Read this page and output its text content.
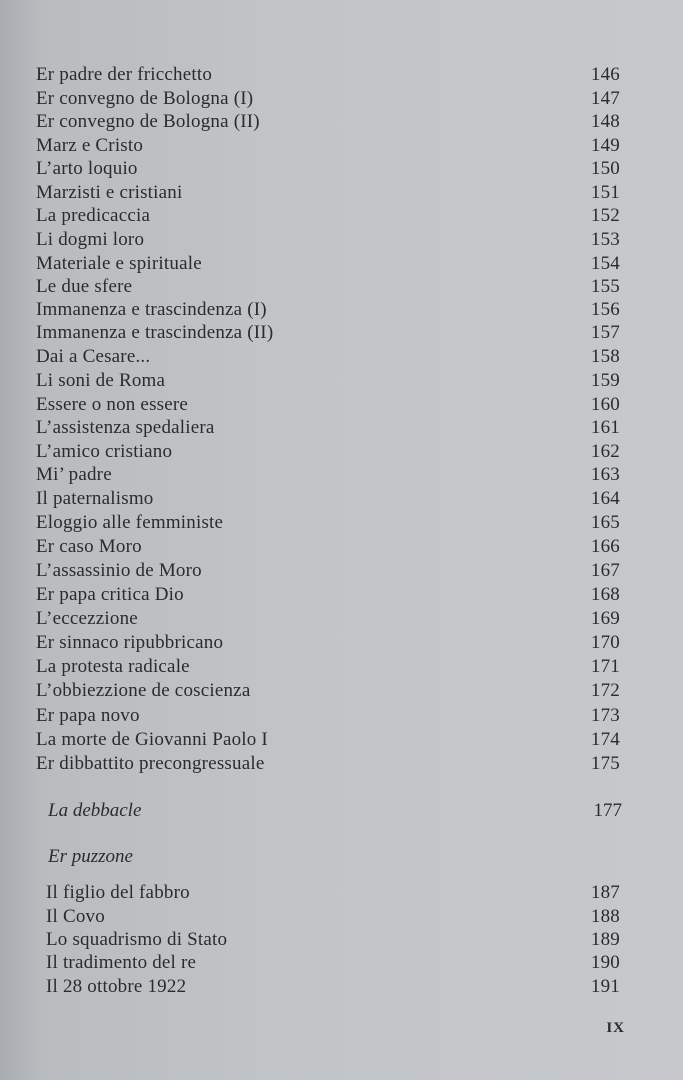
Er padre der fricchetto	146
Er convegno de Bologna (I)	147
Er convegno de Bologna (II)	148
Marz e Cristo	149
L’arto loquio	150
Marzisti e cristiani	151
La predicaccia	152
Li dogmi loro	153
Materiale e spirituale	154
Le due sfere	155
Immanenza e trascindenza (I)	156
Immanenza e trascindenza (II)	157
Dai a Cesare...	158
Li soni de Roma	159
Essere o non essere	160
L’assistenza spedaliera	161
L’amico cristiano	162
Mi’ padre	163
Il paternalismo	164
Eloggio alle femministe	165
Er caso Moro	166
L’assassinio de Moro	167
Er papa critica Dio	168
L’eccezzione	169
Er sinnaco ripubbricano	170
La protesta radicale	171
L’obbiezzione de coscienza	172
Er papa novo	173
La morte de Giovanni Paolo I	174
Er dibbattito precongressuale	175
La debbacle	177
Er puzzone
Il figlio del fabbro	187
Il Covo	188
Lo squadrismo di Stato	189
Il tradimento del re	190
Il 28 ottobre 1922	191
IX
